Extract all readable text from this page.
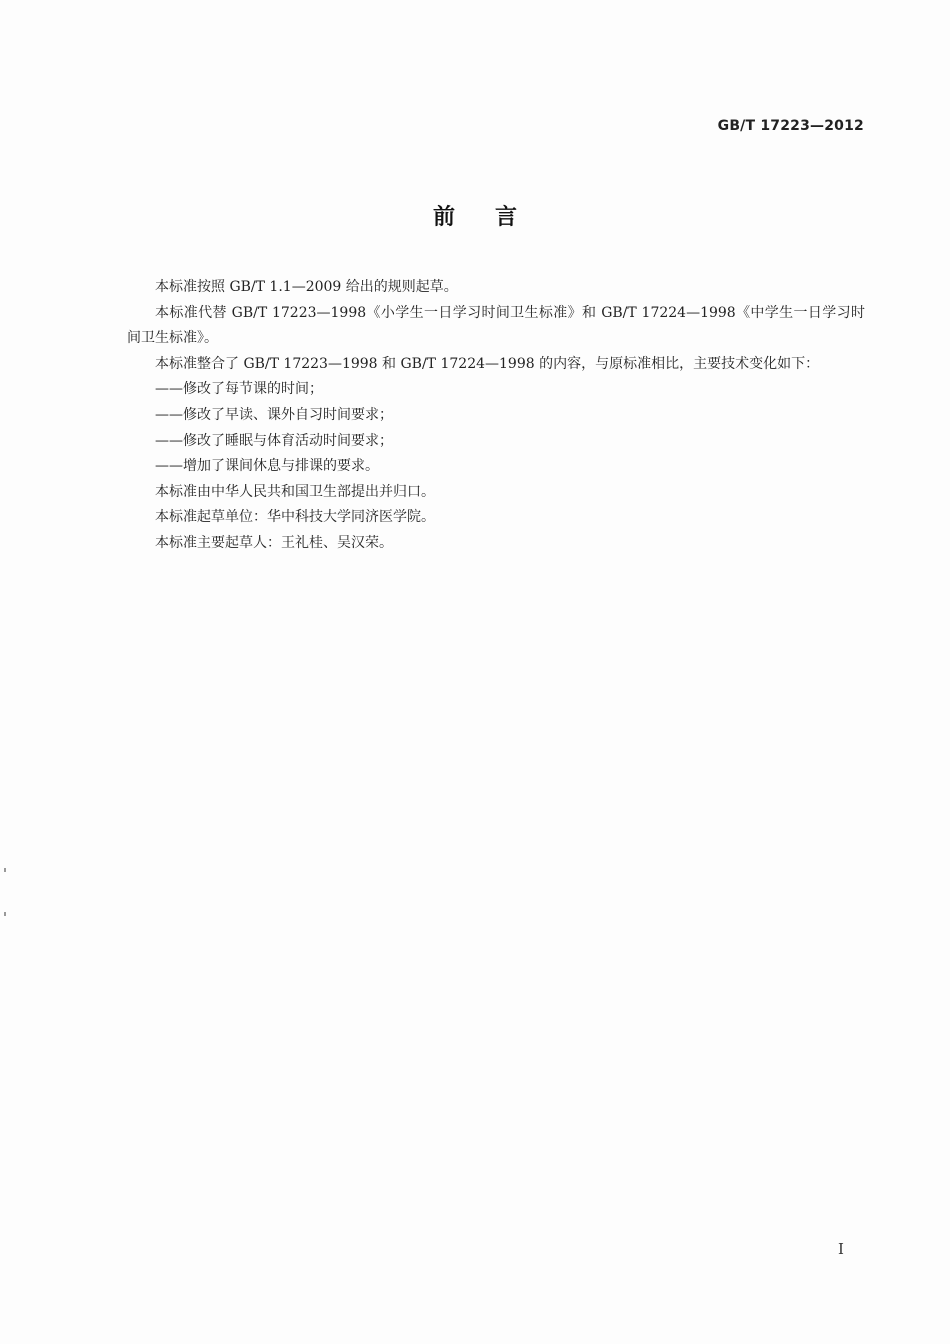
GB/T 17223—2012
前言

本标准按照 GB/T 1.1—2009 给出的规则起草。

本标准代替 GB/T 17223—1998《小学生一日学习时间卫生标准》和 GB/T 17224—1998《中学生一日学习时间卫生标准》。

本标准整合了 GB/T 17223—1998 和 GB/T 17224—1998 的内容，与原标准相比，主要技术变化如下：

——修改了每节课的时间；

——修改了早读、课外自习时间要求；

——修改了睡眠与体育活动时间要求；

——增加了课间休息与排课的要求。

本标准由中华人民共和国卫生部提出并归口。

本标准起草单位：华中科技大学同济医学院。

本标准主要起草人：王礼桂、吴汉荣。

I
